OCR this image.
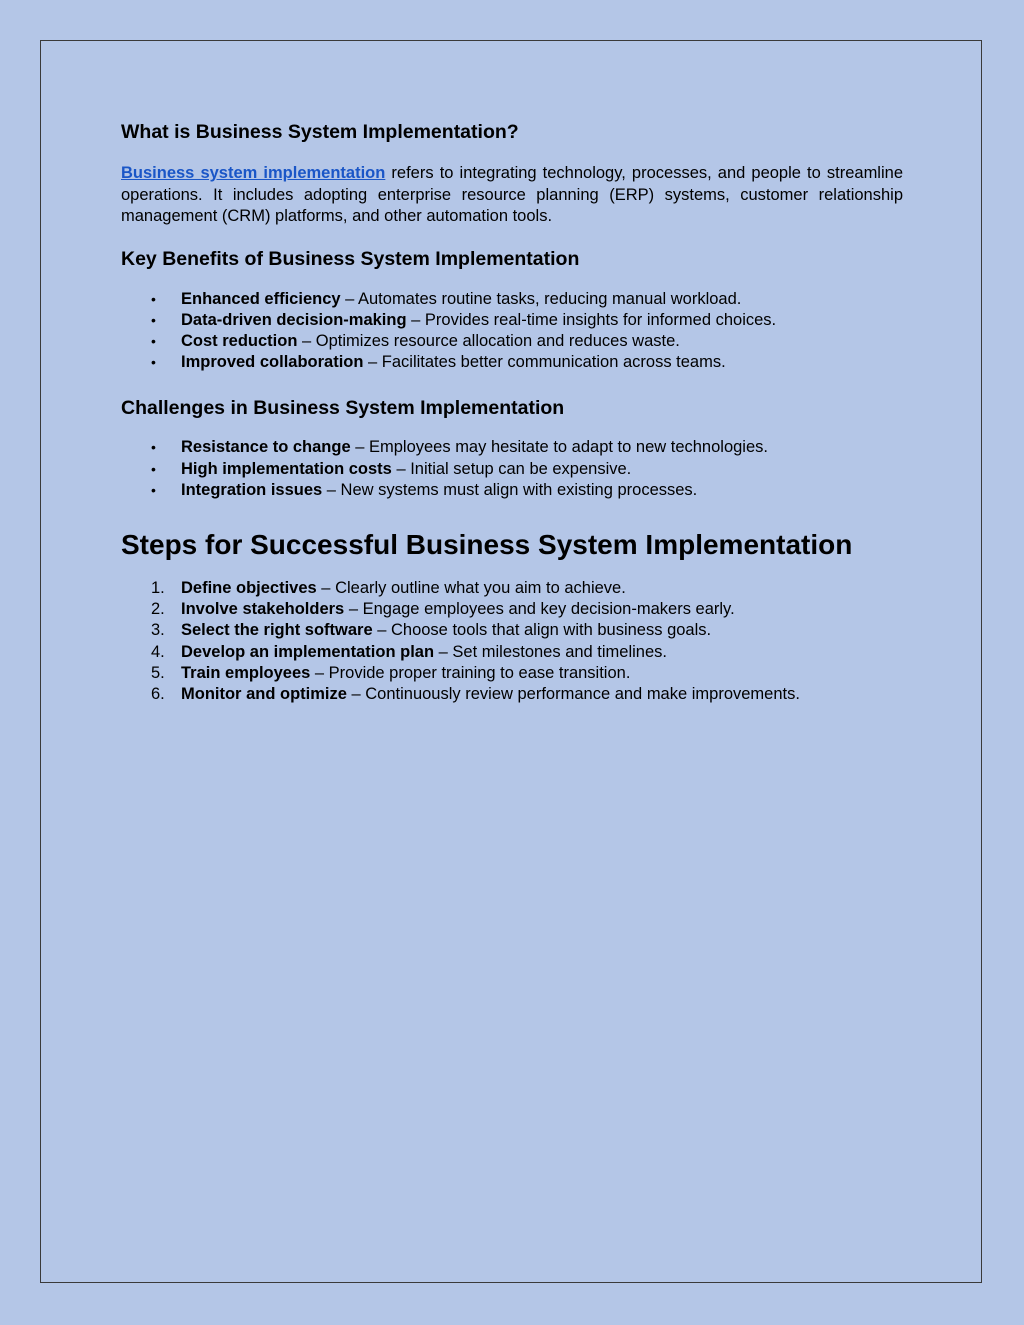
What is Business System Implementation?

Business system implementation refers to integrating technology, processes, and people to streamline operations. It includes adopting enterprise resource planning (ERP) systems, customer relationship management (CRM) platforms, and other automation tools.

Key Benefits of Business System Implementation
• Enhanced efficiency – Automates routine tasks, reducing manual workload.
• Data-driven decision-making – Provides real-time insights for informed choices.
• Cost reduction – Optimizes resource allocation and reduces waste.
• Improved collaboration – Facilitates better communication across teams.
Challenges in Business System Implementation
• Resistance to change – Employees may hesitate to adapt to new technologies.
• High implementation costs – Initial setup can be expensive.
• Integration issues – New systems must align with existing processes.
Steps for Successful Business System Implementation
1. Define objectives – Clearly outline what you aim to achieve.
2. Involve stakeholders – Engage employees and key decision-makers early.
3. Select the right software – Choose tools that align with business goals.
4. Develop an implementation plan – Set milestones and timelines.
5. Train employees – Provide proper training to ease transition.
6. Monitor and optimize – Continuously review performance and make improvements.
